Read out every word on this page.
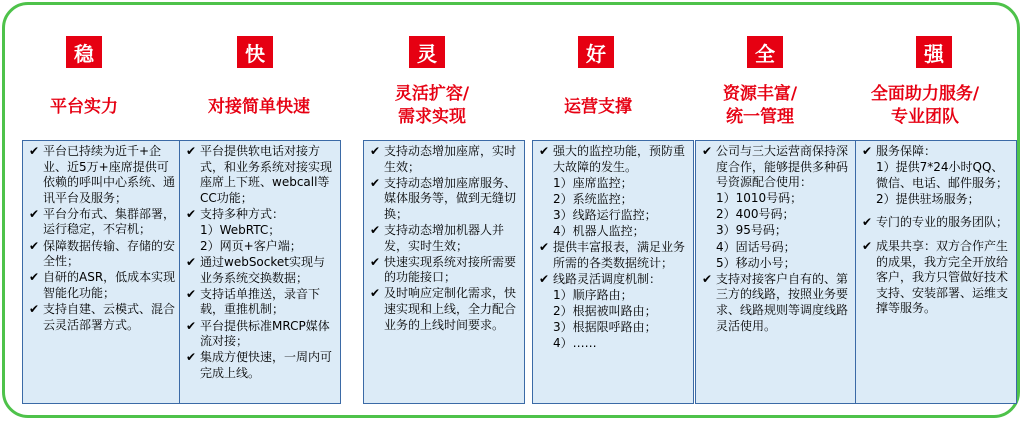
稳
平台实力
✔ 平台已持续为近千+企业、近5万+座席提供可依赖的呼叫中心系统、通讯平台及服务；
✔ 平台分布式、集群部署，运行稳定，不宕机；
✔ 保障数据传输、存储的安全性；
✔ 自研的ASR，低成本实现智能化功能；
✔ 支持自建、云模式、混合云灵活部署方式。
快
对接简单快速
✔ 平台提供软电话对接方式，和业务系统对接实现座席上下班、webcall等CC功能；
✔ 支持多种方式：
1）WebRTC；
2）网页+客户端；
✔ 通过webSocket实现与业务系统交换数据；
✔ 支持话单推送，录音下载，重推机制；
✔ 平台提供标准MRCP媒体流对接；
✔ 集成方便快速，一周内可完成上线。
灵
灵活扩容/
需求实现
✔ 支持动态增加座席，实时生效；
✔ 支持动态增加座席服务、媒体服务等，做到无缝切换；
✔ 支持动态增加机器人并发，实时生效；
✔ 快速实现系统对接所需要的功能接口；
✔ 及时响应定制化需求，快速实现和上线，全力配合业务的上线时间要求。
好
运营支撑
✔ 强大的监控功能，预防重大故障的发生。
1）座席监控；
2）系统监控；
3）线路运行监控；
4）机器人监控；
✔ 提供丰富报表，满足业务所需的各类数据统计；
✔ 线路灵活调度机制：
1）顺序路由；
2）根据被叫路由；
3）根据限呼路由；
4）……
全
资源丰富/
统一管理
✔ 公司与三大运营商保持深度合作，能够提供多种码号资源配合使用：
1）1010号码；
2）400号码；
3）95号码；
4）固话号码；
5）移动小号；
✔ 支持对接客户自有的、第三方的线路，按照业务要求、线路规则等调度线路灵活使用。
强
全面助力服务/
专业团队
✔ 服务保障：
1）提供7*24小时QQ、微信、电话、邮件服务；
2）提供驻场服务；
✔ 专门的专业的服务团队；
✔ 成果共享：双方合作产生的成果，我方完全开放给客户，我方只管做好技术支持、安装部署、运维支撑等服务。
